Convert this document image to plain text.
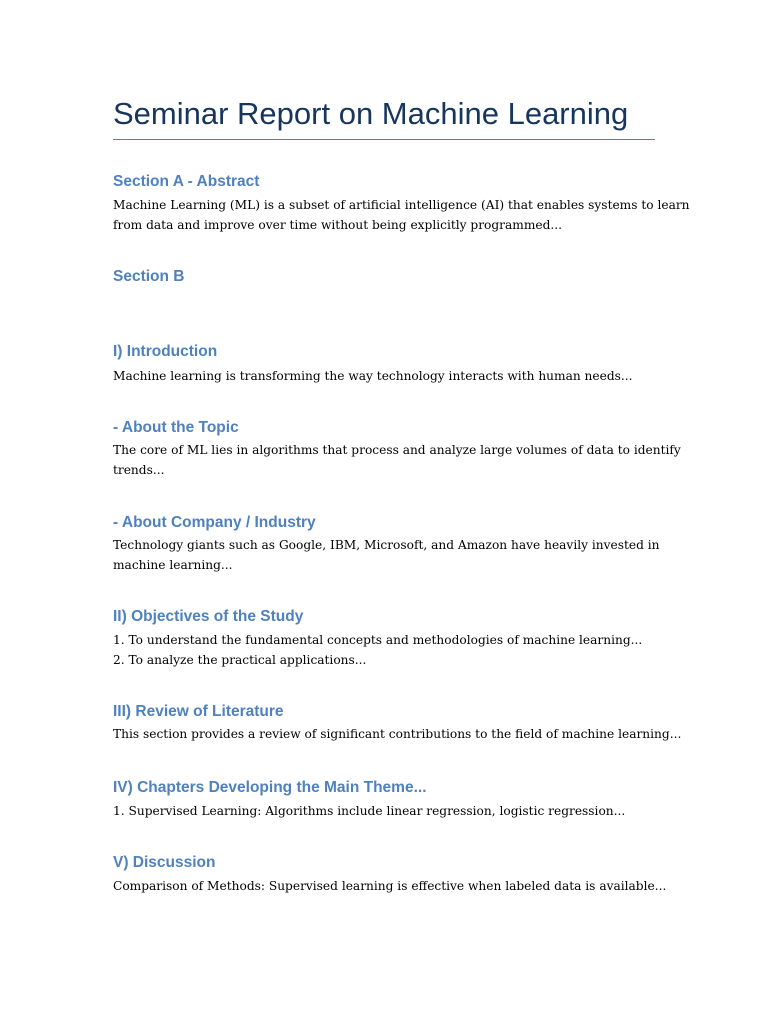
Seminar Report on Machine Learning
Section A - Abstract

Machine Learning (ML) is a subset of artificial intelligence (AI) that enables systems to learn
from data and improve over time without being explicitly programmed...

Section B
I) Introduction

Machine learning is transforming the way technology interacts with human needs...

- About the Topic

The core of ML lies in algorithms that process and analyze large volumes of data to identify
trends...

- About Company / Industry

Technology giants such as Google, IBM, Microsoft, and Amazon have heavily invested in
machine learning...

II) Objectives of the Study

1. To understand the fundamental concepts and methodologies of machine learning...
2. To analyze the practical applications...

III) Review of Literature

This section provides a review of significant contributions to the field of machine learning...

IV) Chapters Developing the Main Theme...

1. Supervised Learning: Algorithms include linear regression, logistic regression...

V) Discussion

Comparison of Methods: Supervised learning is effective when labeled data is available...
